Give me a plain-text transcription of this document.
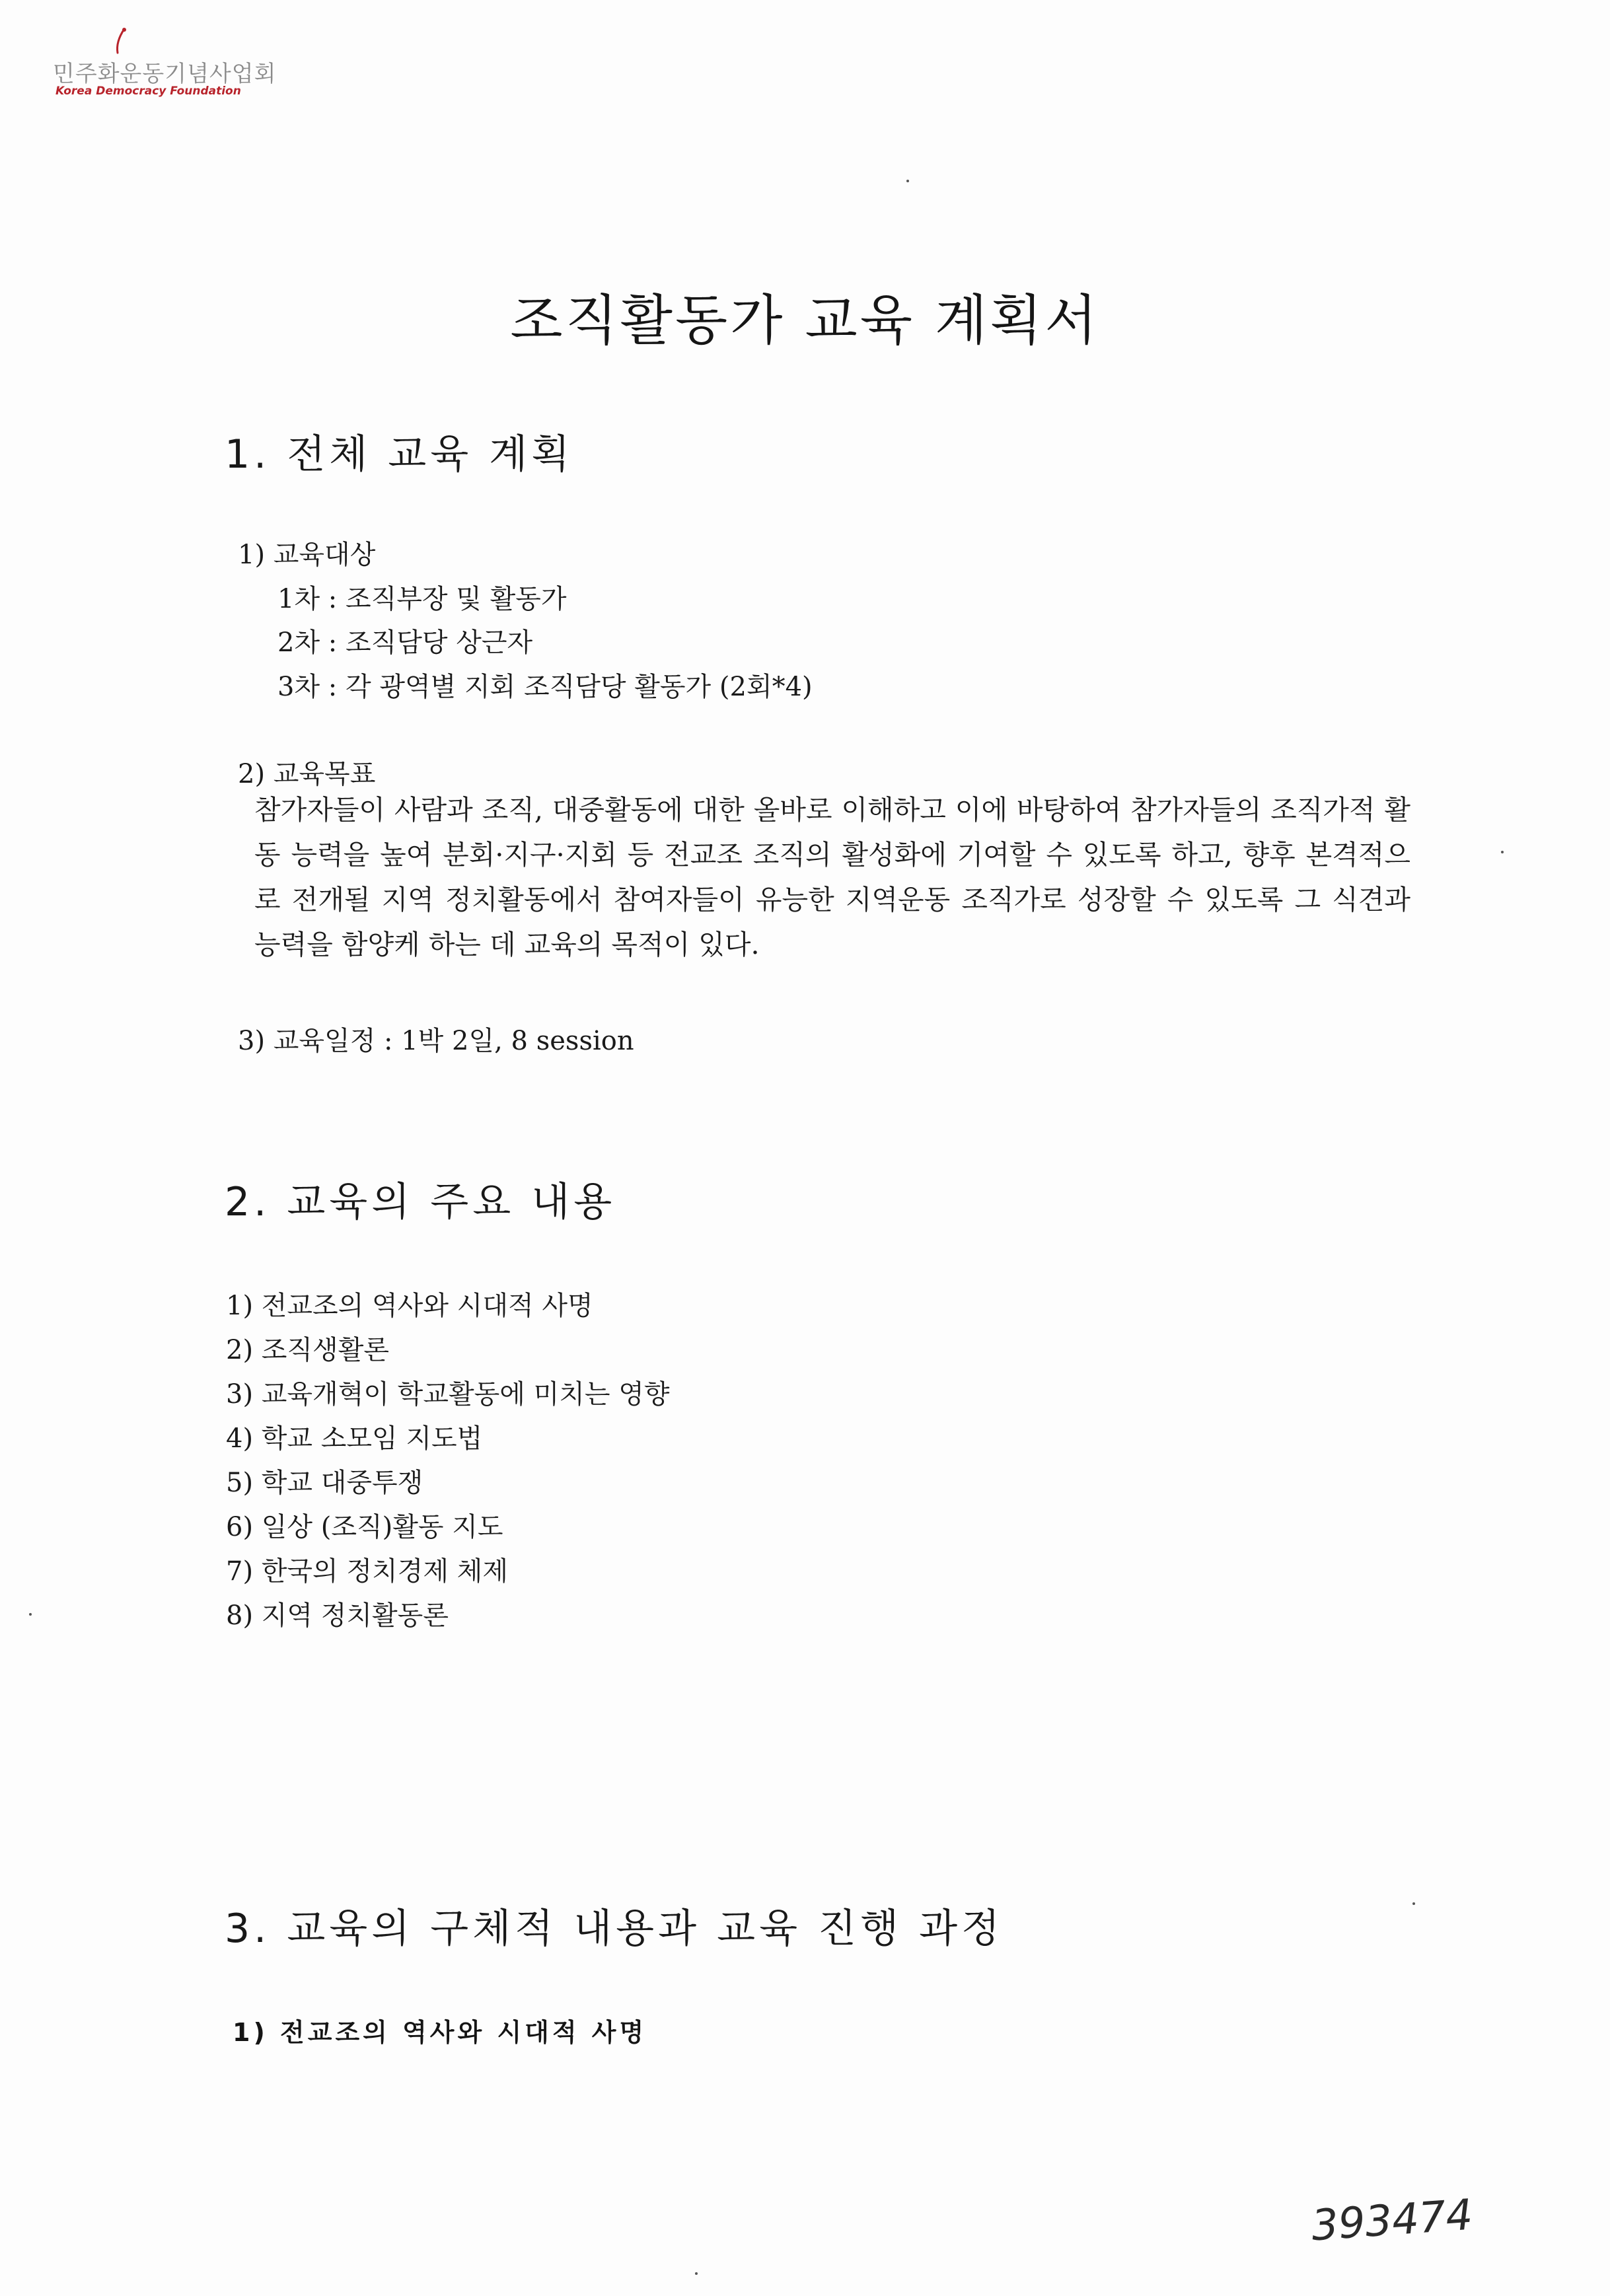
민주화운동기념사업회
Korea Democracy Foundation
조직활동가 교육 계획서
1. 전체 교육 계획
1) 교육대상
1차 : 조직부장 및 활동가
2차 : 조직담당 상근자
3차 : 각 광역별 지회 조직담당 활동가 (2회*4)
2) 교육목표
참가자들이 사람과 조직, 대중활동에 대한 올바로 이해하고 이에 바탕하여 참가자들의 조직가적 활동 능력을 높여 분회·지구·지회 등 전교조 조직의 활성화에 기여할 수 있도록 하고, 향후 본격적으로 전개될 지역 정치활동에서 참여자들이 유능한 지역운동 조직가로 성장할 수 있도록 그 식견과 능력을 함양케 하는 데 교육의 목적이 있다.
3) 교육일정 : 1박 2일, 8 session
2. 교육의 주요 내용
1) 전교조의 역사와 시대적 사명
2) 조직생활론
3) 교육개혁이 학교활동에 미치는 영향
4) 학교 소모임 지도법
5) 학교 대중투쟁
6) 일상 (조직)활동 지도
7) 한국의 정치경제 체제
8) 지역 정치활동론
3. 교육의 구체적 내용과 교육 진행 과정
1) 전교조의 역사와 시대적 사명
393474
